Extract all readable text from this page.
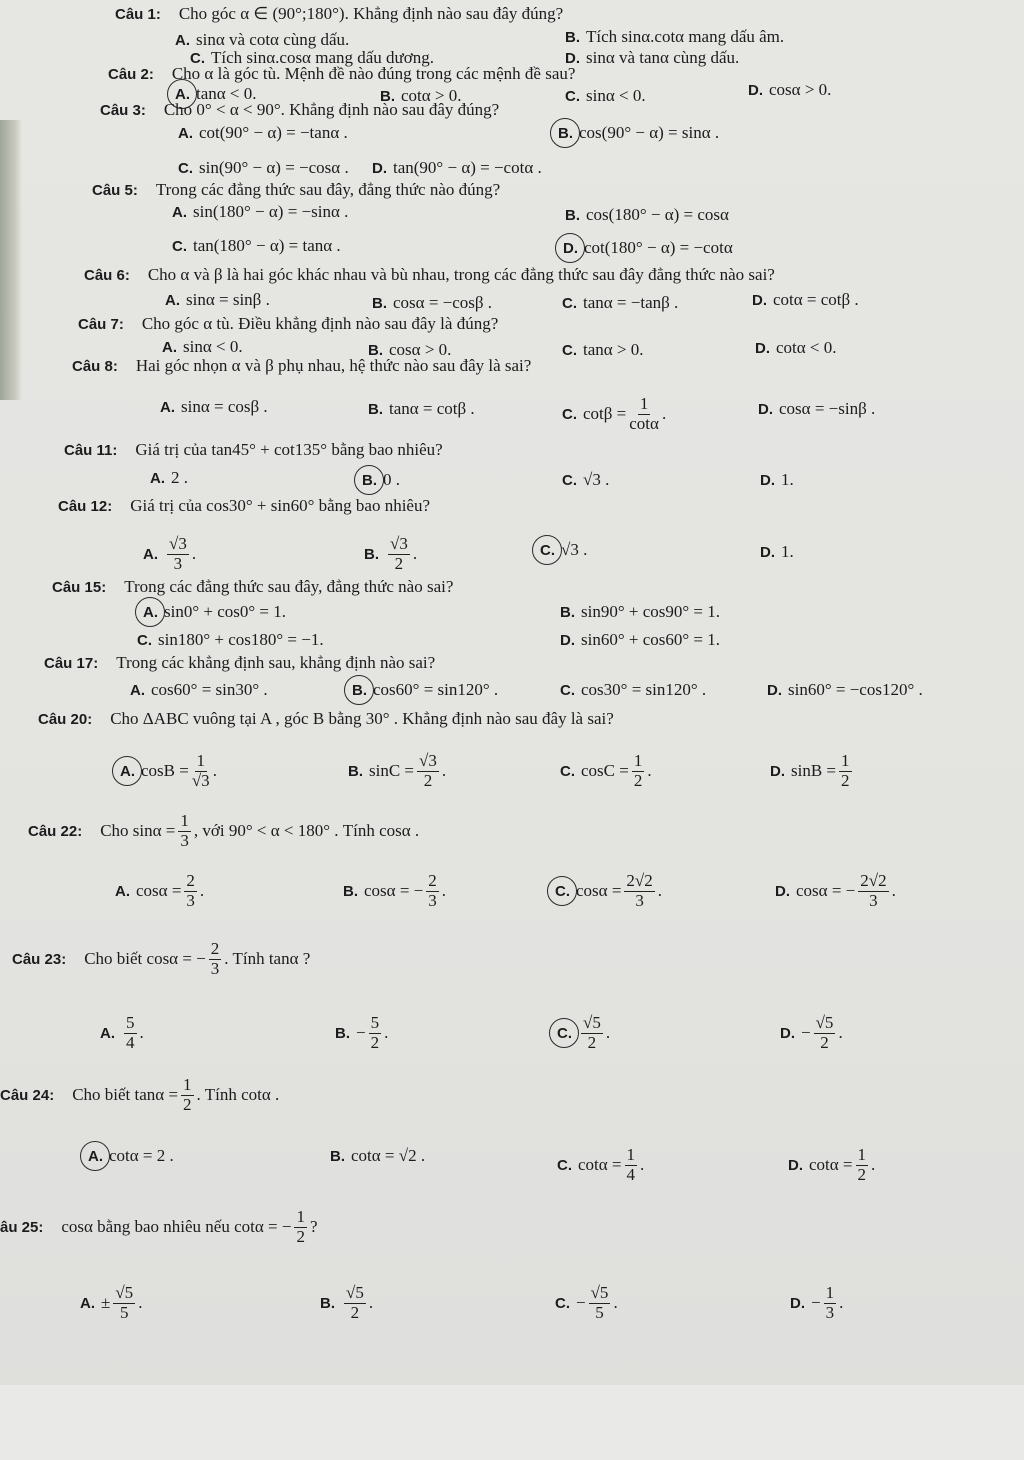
Câu 1: Cho góc α ∈ (90°;180°). Khẳng định nào sau đây đúng?
A. sinα và cotα cùng dấu.	B. Tích sinα.cotα mang dấu âm.
C. Tích sinα.cosα mang dấu dương.	D. sinα và tanα cùng dấu.
Câu 2: Cho α là góc tù. Mệnh đề nào đúng trong các mệnh đề sau?
A. tanα < 0.	B. cotα > 0.	C. sinα < 0.	D. cosα > 0.
Câu 3: Cho 0° < α < 90°. Khẳng định nào sau đây đúng?
A. cot(90° − α) = −tanα .	B. cos(90° − α) = sinα .
C. sin(90° − α) = −cosα . D. tan(90° − α) = −cotα .
Câu 5: Trong các đẳng thức sau đây, đẳng thức nào đúng?
A. sin(180° − α) = −sinα .	B. cos(180° − α) = cosα
C. tan(180° − α) = tanα .	D. cot(180° − α) = −cotα
Câu 6: Cho α và β là hai góc khác nhau và bù nhau, trong các đẳng thức sau đây đẳng thức nào sai?
A. sinα = sinβ .	B. cosα = −cosβ .	C. tanα = −tanβ .	D. cotα = cotβ .
Câu 7: Cho góc α tù. Điều khẳng định nào sau đây là đúng?
A. sinα < 0.	B. cosα > 0.	C. tanα > 0.	D. cotα < 0.
Câu 8: Hai góc nhọn α và β phụ nhau, hệ thức nào sau đây là sai?
A. sinα = cosβ .	B. tanα = cotβ .	C. $\cot\beta = \frac{1}{\cot\alpha}$ .	D. cosα = −sinβ .
Câu 11: Giá trị của tan45° + cot135° bằng bao nhiêu?
A. 2 .	B. 0 .	C. √3 .	D. 1.
Câu 12: Giá trị của cos30° + sin60° bằng bao nhiêu?
A. $\frac{√3}{3}$ .	B. $\frac{√3}{2}$ .	C. √3 .	D. 1.
Câu 15: Trong các đẳng thức sau đây, đẳng thức nào sai?
A. sin0° + cos0° = 1.	B. sin90° + cos90° = 1.
C. sin180° + cos180° = −1.	D. sin60° + cos60° = 1.
Câu 17: Trong các khẳng định sau, khẳng định nào sai?
A. cos60° = sin30° .	B. cos60° = sin120° .	C. cos30° = sin120° .	D. sin60° = −cos120° .
Câu 20: Cho ΔABC vuông tại A , góc B bằng 30° . Khẳng định nào sau đây là sai?
A. $\cos B = \frac{1}{√3}$ .	B. $\sin C = \frac{√3}{2}$ .	C. $\cos C = \frac{1}{2}$ .	D. $\sin B = \frac{1}{2}$
Câu 22: Cho $\sin\alpha = \frac{1}{3}$ , với 90° < α < 180° . Tính cosα .
A. $\cos\alpha = \frac{2}{3}$ .	B. cosα = − $\frac{2}{3}$ .	C. $\cos\alpha = \frac{2√2}{3}$ .	D. cosα = − $\frac{2√2}{3}$ .
Câu 23: Cho biết cosα = − $\frac{2}{3}$ . Tính tanα ?
A. $\frac{5}{4}$ .	B. − $\frac{5}{2}$ .	C. $\frac{√5}{2}$ .	D. − $\frac{√5}{2}$ .
Câu 24: Cho biết $\tan\alpha = \frac{1}{2}$ . Tính cotα .
A. cotα = 2 .	B. cotα = √2 .
C. $\cot\alpha = \frac{1}{4}$ .	D. $\cot\alpha = \frac{1}{2}$ .
âu 25: cosα bằng bao nhiêu nếu cotα = − $\frac{1}{2}$ ?
A. ± $\frac{√5}{5}$ .	B. $\frac{√5}{2}$ .	C. − $\frac{√5}{5}$ .	D. − $\frac{1}{3}$ .
